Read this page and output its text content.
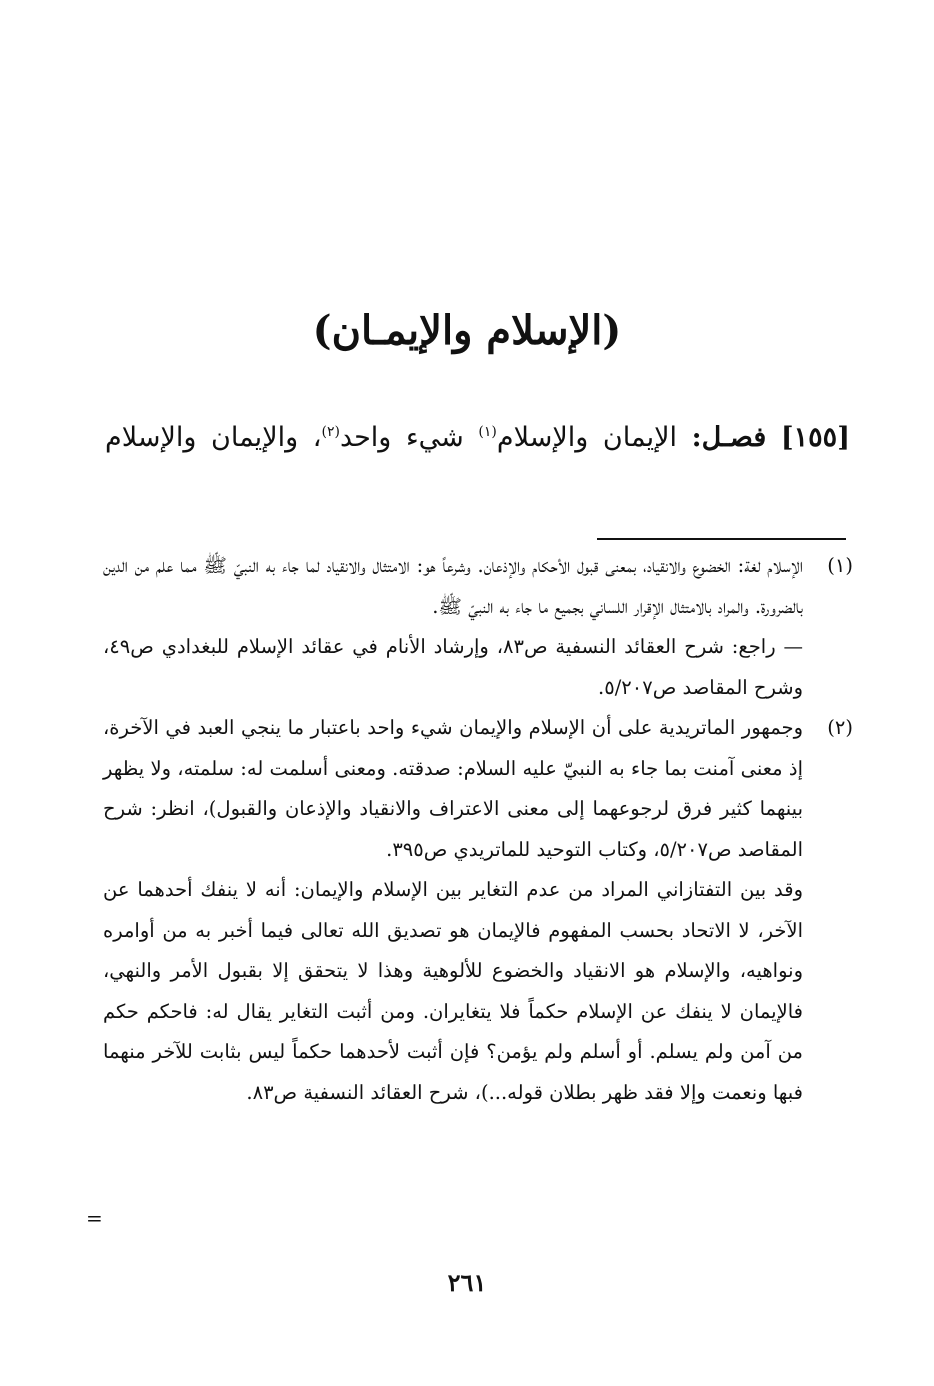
(الإسلام والإيمـان)
[١٥٥] فصـل: الإيمان والإسلام$^{(١)}$ شيء واحد$^{(٢)}$، والإيمان والإسلام
(١)

الإسلام لغة: الخضوع والانقياد، بمعنى قبول الأحكام والإذعان. وشرعاً هو: الامتثال والانقياد لما جاء به النبيّ ﷺ مما علم من الدين بالضرورة. والمراد بالامتثال الإقرار اللساني بجميع ما جاء به النبيّ ﷺ.

— راجع: شرح العقائد النسفية ص٨٣، وإرشاد الأنام في عقائد الإسلام للبغدادي ص٤٩، وشرح المقاصد ص٥/٢٠٧.

(٢)

وجمهور الماتريدية على أن الإسلام والإيمان شيء واحد باعتبار ما ينجي العبد في الآخرة، إذ معنى آمنت بما جاء به النبيّ عليه السلام: صدقته. ومعنى أسلمت له: سلمته، ولا يظهر بينهما كثير فرق لرجوعهما إلى معنى الاعتراف والانقياد والإذعان والقبول)، انظر: شرح المقاصد ص٥/٢٠٧، وكتاب التوحيد للماتريدي ص٣٩٥.

وقد بين التفتازاني المراد من عدم التغاير بين الإسلام والإيمان: أنه لا ينفك أحدهما عن الآخر، لا الاتحاد بحسب المفهوم فالإيمان هو تصديق الله تعالى فيما أخبر به من أوامره ونواهيه، والإسلام هو الانقياد والخضوع للألوهية وهذا لا يتحقق إلا بقبول الأمر والنهي، فالإيمان لا ينفك عن الإسلام حكماً فلا يتغايران. ومن أثبت التغاير يقال له: فاحكم حكم من آمن ولم يسلم. أو أسلم ولم يؤمن؟ فإن أثبت لأحدهما حكماً ليس بثابت للآخر منهما فبها ونعمت وإلا فقد ظهر بطلان قوله...)، شرح العقائد النسفية ص٨٣.

=
٢٦١
